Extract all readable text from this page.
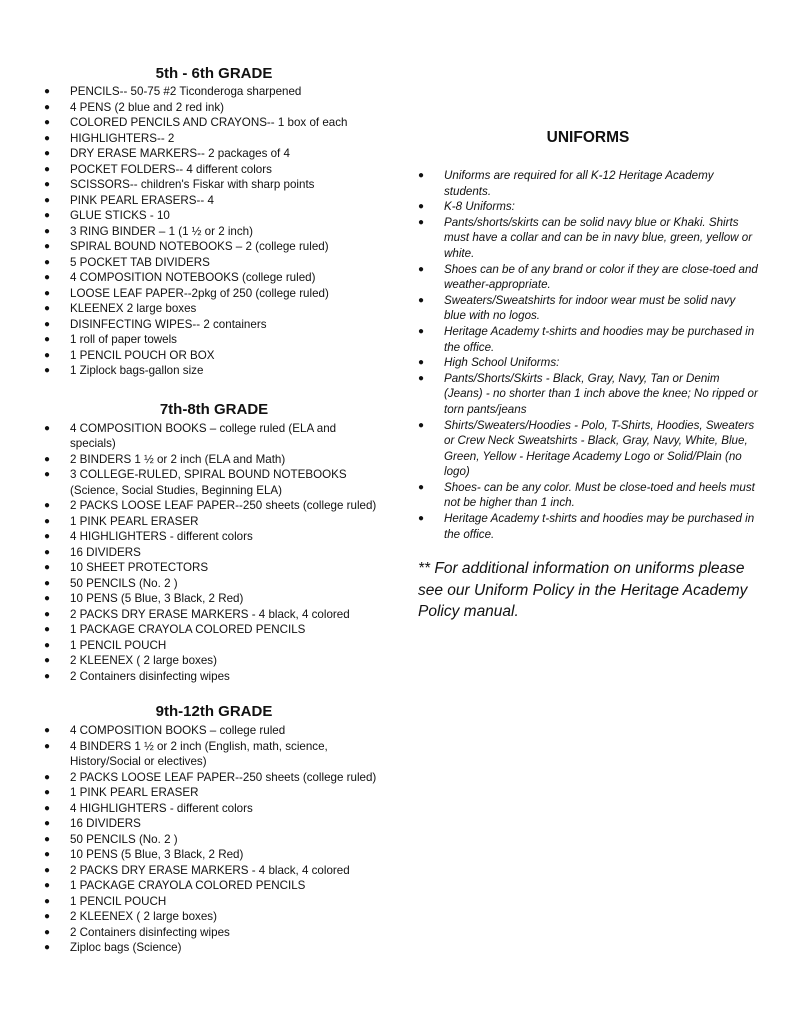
5th - 6th GRADE
● PENCILS-- 50-75 #2 Ticonderoga sharpened
● 4 PENS (2 blue and 2 red ink)
● COLORED PENCILS AND CRAYONS-- 1 box of each
● HIGHLIGHTERS-- 2
● DRY ERASE MARKERS-- 2 packages of 4
● POCKET FOLDERS-- 4 different colors
● SCISSORS-- children's Fiskar with sharp points
● PINK PEARL ERASERS-- 4
● GLUE STICKS - 10
● 3 RING BINDER – 1 (1 ½ or 2 inch)
● SPIRAL BOUND NOTEBOOKS – 2 (college ruled)
● 5 POCKET TAB DIVIDERS
● 4 COMPOSITION NOTEBOOKS (college ruled)
● LOOSE LEAF PAPER--2pkg of 250 (college ruled)
● KLEENEX 2 large boxes
● DISINFECTING WIPES-- 2 containers
● 1 roll of paper towels
● 1 PENCIL POUCH OR BOX
● 1 Ziplock bags-gallon size
7th-8th GRADE
● 4 COMPOSITION BOOKS – college ruled (ELA and specials)
● 2 BINDERS 1 ½ or 2 inch (ELA and Math)
● 3 COLLEGE-RULED, SPIRAL BOUND NOTEBOOKS (Science, Social Studies, Beginning ELA)
● 2 PACKS LOOSE LEAF PAPER--250 sheets (college ruled)
● 1 PINK PEARL ERASER
● 4 HIGHLIGHTERS - different colors
● 16 DIVIDERS
● 10 SHEET PROTECTORS
● 50 PENCILS (No. 2 )
● 10 PENS (5 Blue, 3 Black, 2 Red)
● 2 PACKS DRY ERASE MARKERS - 4 black, 4 colored
● 1 PACKAGE CRAYOLA COLORED PENCILS
● 1 PENCIL POUCH
● 2 KLEENEX ( 2 large boxes)
● 2 Containers disinfecting wipes
9th-12th GRADE
● 4 COMPOSITION BOOKS – college ruled
● 4 BINDERS 1 ½ or 2 inch (English, math, science, History/Social or electives)
● 2 PACKS LOOSE LEAF PAPER--250 sheets (college ruled)
● 1 PINK PEARL ERASER
● 4 HIGHLIGHTERS - different colors
● 16 DIVIDERS
● 50 PENCILS (No. 2 )
● 10 PENS (5 Blue, 3 Black, 2 Red)
● 2 PACKS DRY ERASE MARKERS - 4 black, 4 colored
● 1 PACKAGE CRAYOLA COLORED PENCILS
● 1 PENCIL POUCH
● 2 KLEENEX ( 2 large boxes)
● 2 Containers disinfecting wipes
● Ziploc bags (Science)
UNIFORMS
● Uniforms are required for all K-12 Heritage Academy students.
● K-8 Uniforms:
● Pants/shorts/skirts can be solid navy blue or Khaki. Shirts must have a collar and can be in navy blue, green, yellow or white.
● Shoes can be of any brand or color if they are close-toed and weather-appropriate.
● Sweaters/Sweatshirts for indoor wear must be solid navy blue with no logos.
● Heritage Academy t-shirts and hoodies may be purchased in the office.
● High School Uniforms:
● Pants/Shorts/Skirts - Black, Gray, Navy, Tan or Denim (Jeans) - no shorter than 1 inch above the knee; No ripped or torn pants/jeans
● Shirts/Sweaters/Hoodies - Polo, T-Shirts, Hoodies, Sweaters or Crew Neck Sweatshirts - Black, Gray, Navy, White, Blue, Green, Yellow - Heritage Academy Logo or Solid/Plain (no logo)
● Shoes- can be any color. Must be close-toed and heels must not be higher than 1 inch.
● Heritage Academy t-shirts and hoodies may be purchased in the office.
** For additional information on uniforms please see our Uniform Policy in the Heritage Academy Policy manual.
